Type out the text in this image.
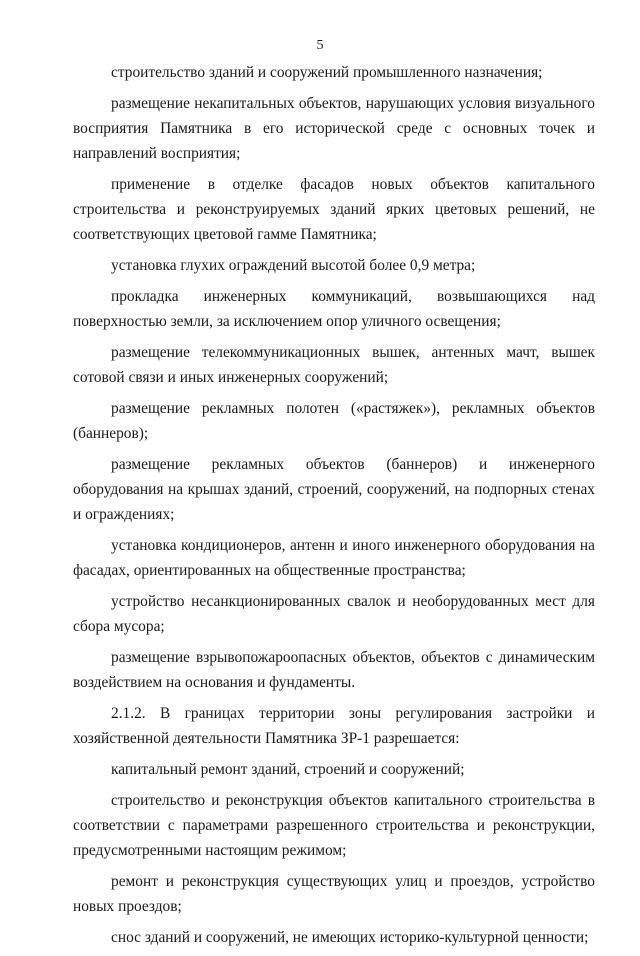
5

строительство зданий и сооружений промышленного назначения;

размещение некапитальных объектов, нарушающих условия визуального восприятия Памятника в его исторической среде с основных точек и направлений восприятия;

применение в отделке фасадов новых объектов капитального строительства и реконструируемых зданий ярких цветовых решений, не соответствующих цветовой гамме Памятника;

установка глухих ограждений высотой более 0,9 метра;

прокладка инженерных коммуникаций, возвышающихся над поверхностью земли, за исключением опор уличного освещения;

размещение телекоммуникационных вышек, антенных мачт, вышек сотовой связи и иных инженерных сооружений;

размещение рекламных полотен («растяжек»), рекламных объектов (баннеров);

размещение рекламных объектов (баннеров) и инженерного оборудования на крышах зданий, строений, сооружений, на подпорных стенах и ограждениях;

установка кондиционеров, антенн и иного инженерного оборудования на фасадах, ориентированных на общественные пространства;

устройство несанкционированных свалок и необорудованных мест для сбора мусора;

размещение взрывопожароопасных объектов, объектов с динамическим воздействием на основания и фундаменты.

2.1.2. В границах территории зоны регулирования застройки и хозяйственной деятельности Памятника ЗР-1 разрешается:

капитальный ремонт зданий, строений и сооружений;

строительство и реконструкция объектов капитального строительства в соответствии с параметрами разрешенного строительства и реконструкции, предусмотренными настоящим режимом;

ремонт и реконструкция существующих улиц и проездов, устройство новых проездов;

снос зданий и сооружений, не имеющих историко-культурной ценности;
